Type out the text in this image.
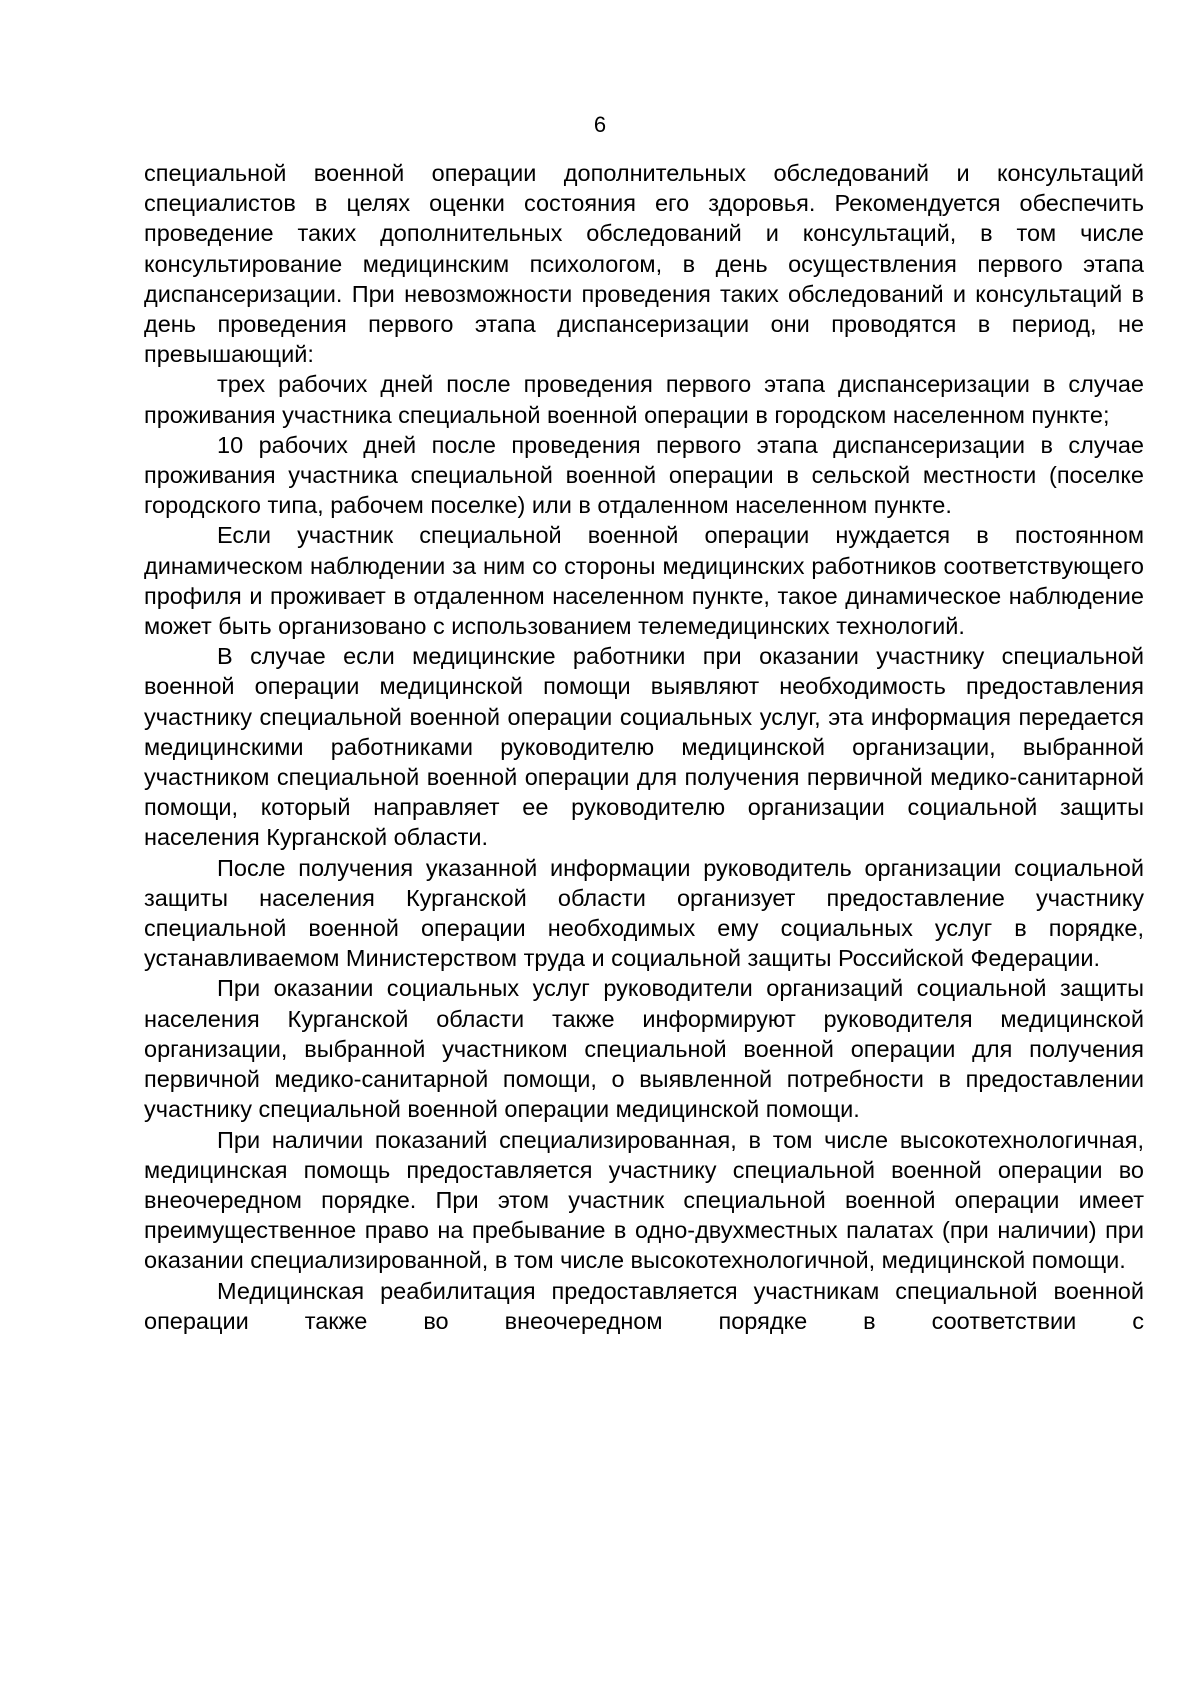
6

специальной военной операции дополнительных обследований и консультаций специалистов в целях оценки состояния его здоровья. Рекомендуется обеспечить проведение таких дополнительных обследований и консультаций, в том числе консультирование медицинским психологом, в день осуществления первого этапа диспансеризации. При невозможности проведения таких обследований и консультаций в день проведения первого этапа диспансеризации они проводятся в период, не превышающий:

трех рабочих дней после проведения первого этапа диспансеризации в случае проживания участника специальной военной операции в городском населенном пункте;

10 рабочих дней после проведения первого этапа диспансеризации в случае проживания участника специальной военной операции в сельской местности (поселке городского типа, рабочем поселке) или в отдаленном населенном пункте.

Если участник специальной военной операции нуждается в постоянном динамическом наблюдении за ним со стороны медицинских работников соответствующего профиля и проживает в отдаленном населенном пункте, такое динамическое наблюдение может быть организовано с использованием телемедицинских технологий.

В случае если медицинские работники при оказании участнику специальной военной операции медицинской помощи выявляют необходимость предоставления участнику специальной военной операции социальных услуг, эта информация передается медицинскими работниками руководителю медицинской организации, выбранной участником специальной военной операции для получения первичной медико-санитарной помощи, который направляет ее руководителю организации социальной защиты населения Курганской области.

После получения указанной информации руководитель организации социальной защиты населения Курганской области организует предоставление участнику специальной военной операции необходимых ему социальных услуг в порядке, устанавливаемом Министерством труда и социальной защиты Российской Федерации.

При оказании социальных услуг руководители организаций социальной защиты населения Курганской области также информируют руководителя медицинской организации, выбранной участником специальной военной операции для получения первичной медико-санитарной помощи, о выявленной потребности в предоставлении участнику специальной военной операции медицинской помощи.

При наличии показаний специализированная, в том числе высокотехнологичная, медицинская помощь предоставляется участнику специальной военной операции во внеочередном порядке. При этом участник специальной военной операции имеет преимущественное право на пребывание в одно-двухместных палатах (при наличии) при оказании специализированной, в том числе высокотехнологичной, медицинской помощи.

Медицинская реабилитация предоставляется участникам специальной военной операции также во внеочередном порядке в соответствии с
